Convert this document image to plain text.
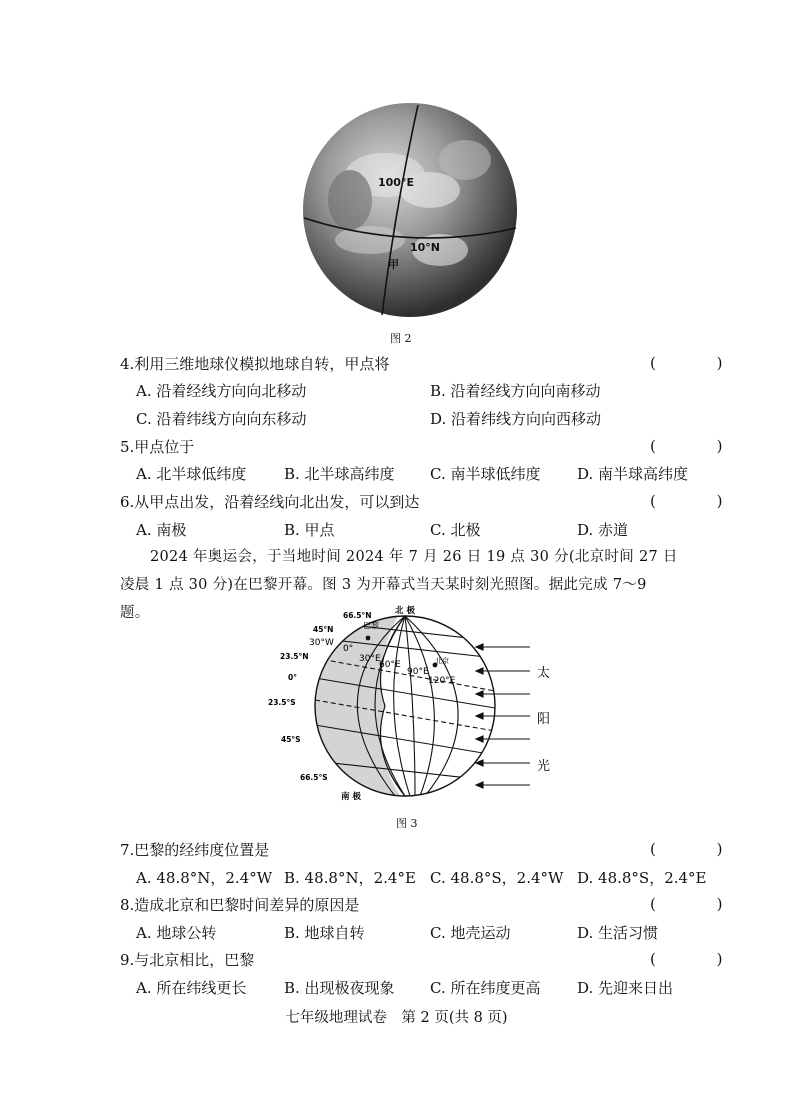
100°E
10°N
甲
图 2
4.利用三维地球仪模拟地球自转，甲点将	( )
A. 沿着经线方向向北移动	B. 沿着经线方向向南移动
C. 沿着纬线方向向东移动	D. 沿着纬线方向向西移动
5.甲点位于	( )
A. 北半球低纬度	B. 北半球高纬度 C. 南半球低纬度 D. 南半球高纬度
6.从甲点出发，沿着经线向北出发，可以到达	( )
A. 南极	B. 甲点	C. 北极	D. 赤道
2024 年奥运会，于当地时间 2024 年 7 月 26 日 19 点 30 分(北京时间 27 日凌晨 1 点 30 分)在巴黎开幕。图 3 为开幕式当天某时刻光照图。据此完成 7～9 题。	66.5°N
45°N
23.5°N
0°
23.5°S
45°S
66.5°S
北 极
南 极
30°W
0°
30°E
60°E
90°E
120°E
巴黎
北京
太
阳
光
图 3
7.巴黎的经纬度位置是	( )
A. 48.8°N，2.4°W B. 48.8°N，2.4°E C. 48.8°S，2.4°W D. 48.8°S，2.4°E
8.造成北京和巴黎时间差异的原因是	( )
A. 地球公转	B. 地球自转	C. 地壳运动	D. 生活习惯
9.与北京相比，巴黎	( )
A. 所在纬线更长	B. 出现极夜现象 C. 所在纬度更高 D. 先迎来日出
七年级地理试卷　第 2 页(共 8 页)
